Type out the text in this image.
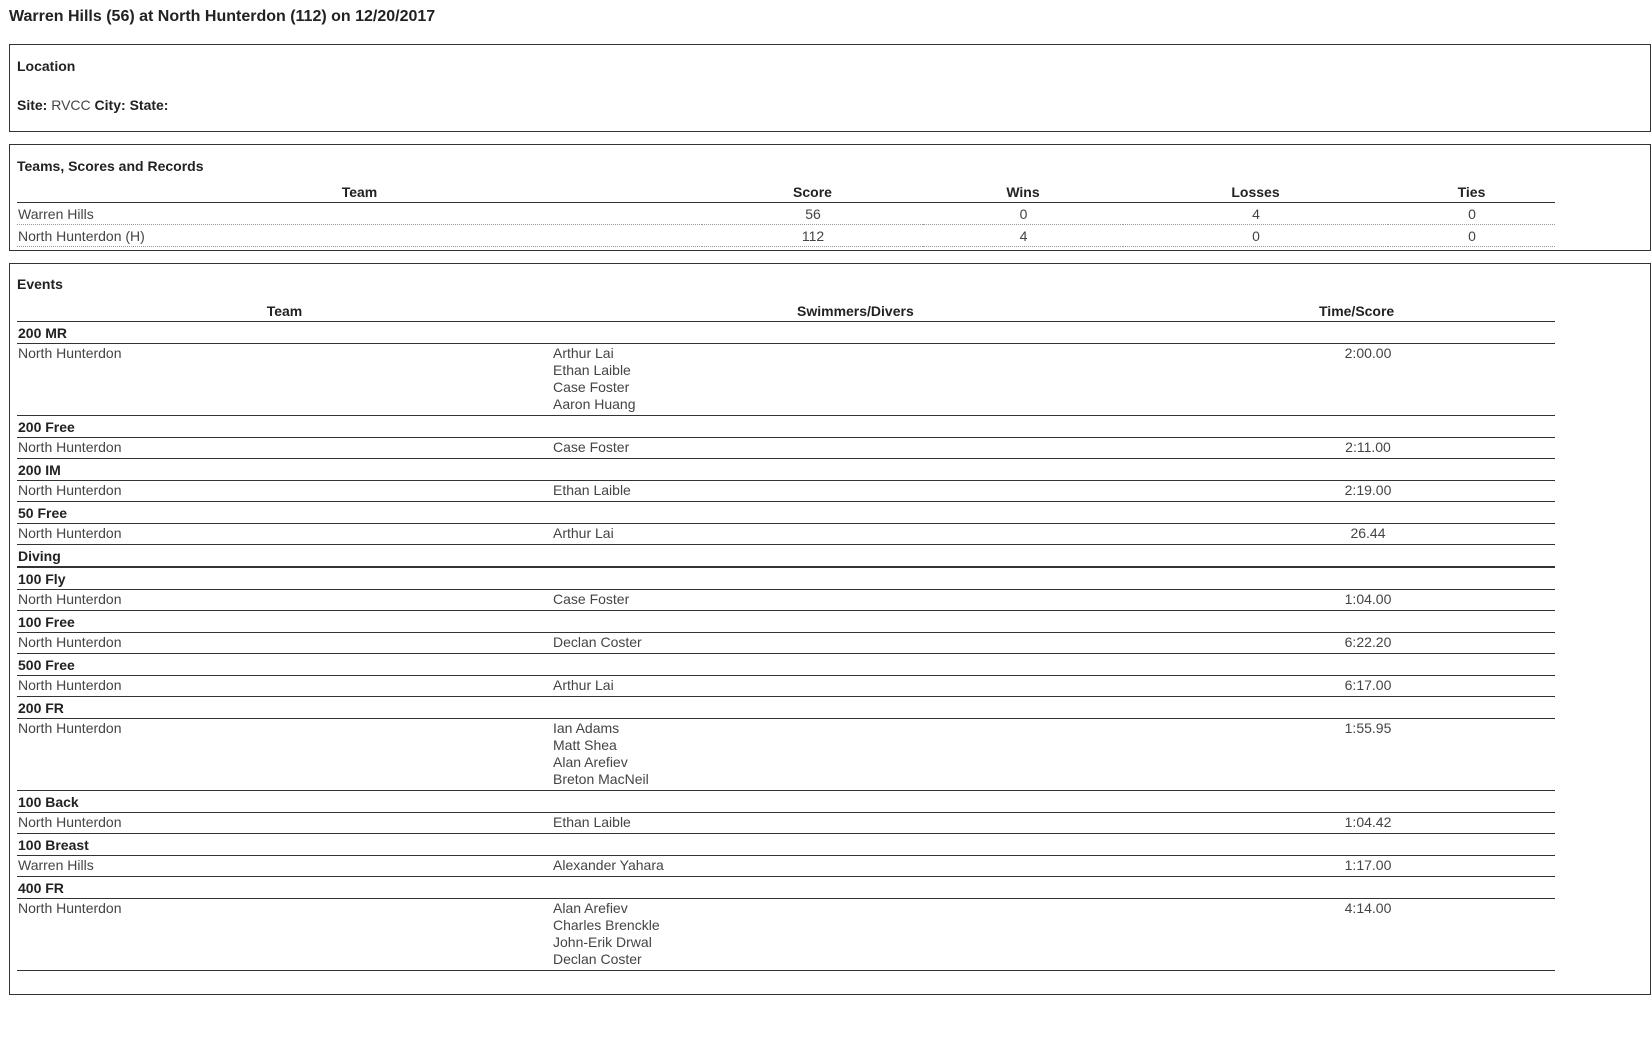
Warren Hills (56) at North Hunterdon (112) on 12/20/2017
Location
Site: RVCC City: State:
Teams, Scores and Records
Team	Score	Wins	Losses	Ties
Warren Hills	56	0	4	0
North Hunterdon (H)	112	4	0	0
Events
Team	Swimmers/Divers	Time/Score
200 MR		
North Hunterdon	Arthur Lai
Ethan Laible
Case Foster
Aaron Huang	2:00.00
200 Free		
North Hunterdon	Case Foster	2:11.00
200 IM		
North Hunterdon	Ethan Laible	2:19.00
50 Free		
North Hunterdon	Arthur Lai	26.44
Diving		
100 Fly		
North Hunterdon	Case Foster	1:04.00
100 Free		
North Hunterdon	Declan Coster	6:22.20
500 Free		
North Hunterdon	Arthur Lai	6:17.00
200 FR		
North Hunterdon	Ian Adams
Matt Shea
Alan Arefiev
Breton MacNeil	1:55.95
100 Back		
North Hunterdon	Ethan Laible	1:04.42
100 Breast		
Warren Hills	Alexander Yahara	1:17.00
400 FR		
North Hunterdon	Alan Arefiev
Charles Brenckle
John-Erik Drwal
Declan Coster	4:14.00
